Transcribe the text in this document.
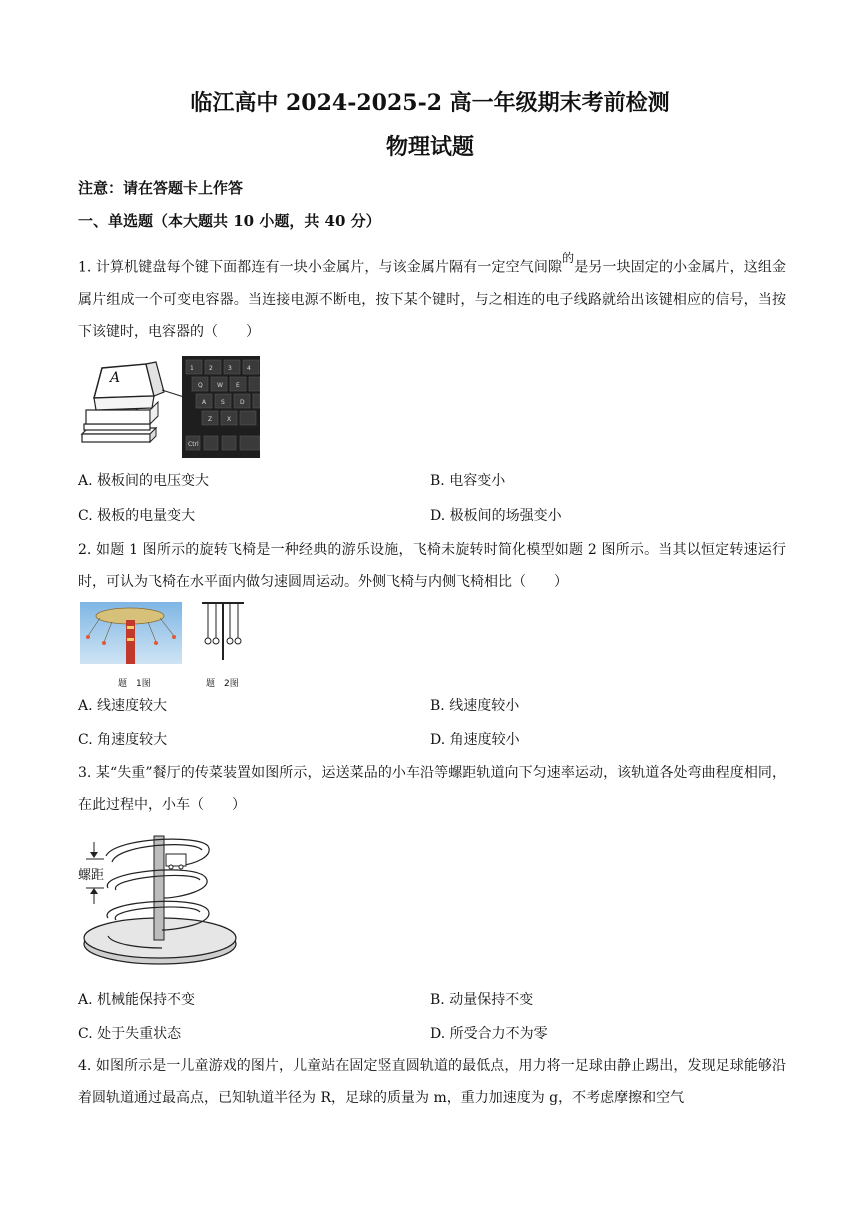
临江高中 2024-2025-2 高一年级期末考前检测
物理试题
注意：请在答题卡上作答
一、单选题（本大题共 10 小题，共 40 分）
1. 计算机键盘每个键下面都连有一块小金属片，与该金属片隔有一定空气间隙$^的$是另一块固定的小金属片，这组金属片组成一个可变电容器。当连接电源不断电，按下某个键时，与之相连的电子线路就给出该键相应的信号，当按下该键时，电容器的（　　）
1	2	3	4
Q W E
A S	D
Z X
Ctrl
A
A. 极板间的电压变大	B. 电容变小
C. 极板的电量变大	D. 极板间的场强变小
2. 如题 1 图所示的旋转飞椅是一种经典的游乐设施，飞椅未旋转时简化模型如题 2 图所示。当其以恒定转速运行时，可认为飞椅在水平面内做匀速圆周运动。外侧飞椅与内侧飞椅相比（　　）
题　1图	题　2图
A. 线速度较大	B. 线速度较小
C. 角速度较大	D. 角速度较小
3. 某“失重”餐厅的传菜装置如图所示，运送菜品的小车沿等螺距轨道向下匀速率运动，该轨道各处弯曲程度相同，在此过程中，小车（　　）
螺距
A. 机械能保持不变	B. 动量保持不变
C. 处于失重状态	D. 所受合力不为零
4. 如图所示是一儿童游戏的图片，儿童站在固定竖直圆轨道的最低点，用力将一足球由静止踢出，发现足球能够沿着圆轨道通过最高点，已知轨道半径为 R，足球的质量为 m，重力加速度为 g，不考虑摩擦和空气
